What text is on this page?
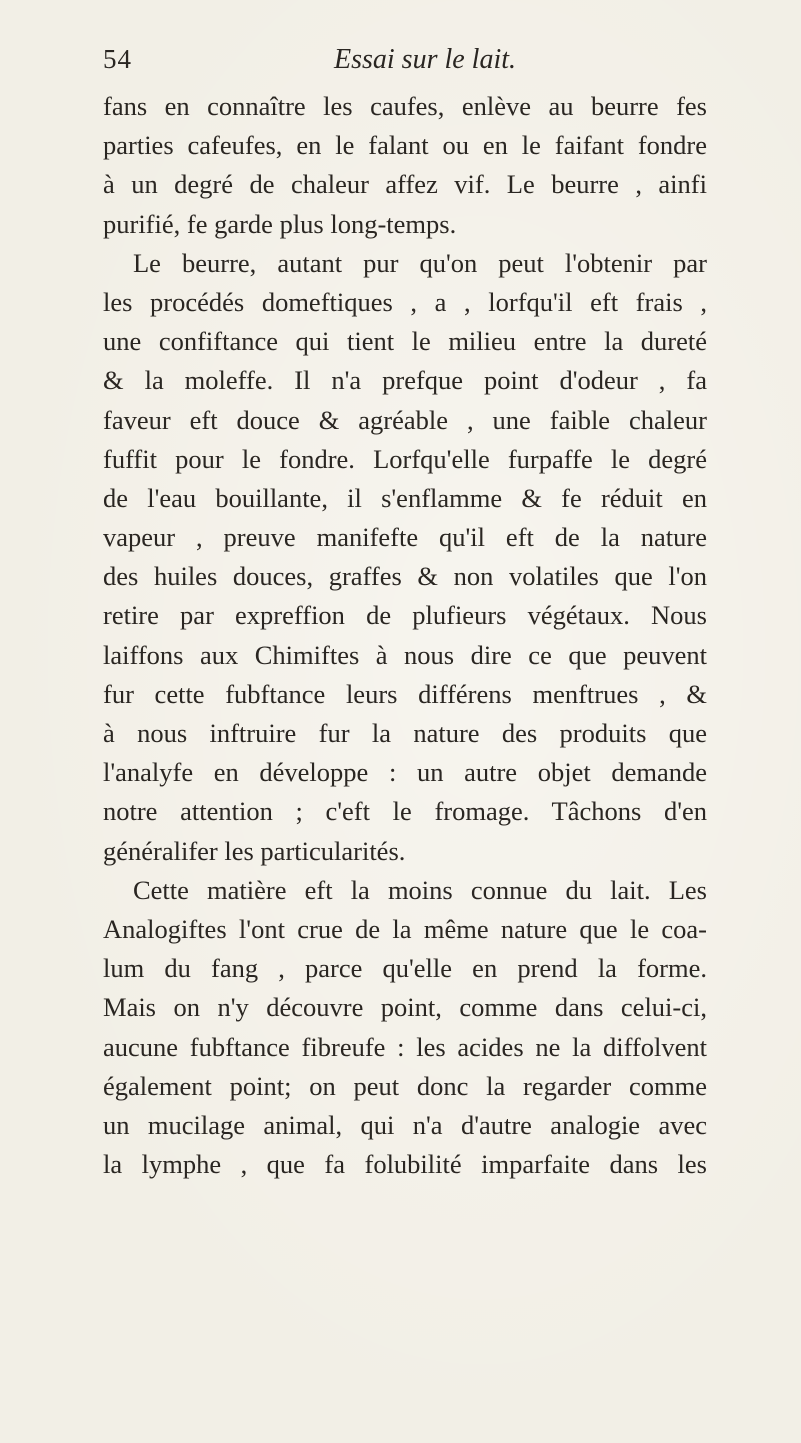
54	Essai sur le lait.
fans en connaître les caufes, enlève au beurre fes
parties cafeufes, en le falant ou en le faifant fondre
à un degré de chaleur affez vif. Le beurre , ainfi
purifié, fe garde plus long-temps.
Le beurre, autant pur qu'on peut l'obtenir par
les procédés domeftiques , a , lorfqu'il eft frais ,
une confiftance qui tient le milieu entre la dureté
& la moleffe. Il n'a prefque point d'odeur , fa
faveur eft douce & agréable , une faible chaleur
fuffit pour le fondre. Lorfqu'elle furpaffe le degré
de l'eau bouillante, il s'enflamme & fe réduit en
vapeur , preuve manifefte qu'il eft de la nature
des huiles douces, graffes & non volatiles que l'on
retire par expreffion de plufieurs végétaux. Nous
laiffons aux Chimiftes à nous dire ce que peuvent
fur cette fubftance leurs différens menftrues , &
à nous inftruire fur la nature des produits que
l'analyfe en développe : un autre objet demande
notre attention ; c'eft le fromage. Tâchons d'en
généralifer les particularités.
Cette matière eft la moins connue du lait. Les
Analogiftes l'ont crue de la même nature que le coa-
lum du fang , parce qu'elle en prend la forme.
Mais on n'y découvre point, comme dans celui-ci,
aucune fubftance fibreufe : les acides ne la diffolvent
également point; on peut donc la regarder comme
un mucilage animal, qui n'a d'autre analogie avec
la lymphe , que fa folubilité imparfaite dans les
